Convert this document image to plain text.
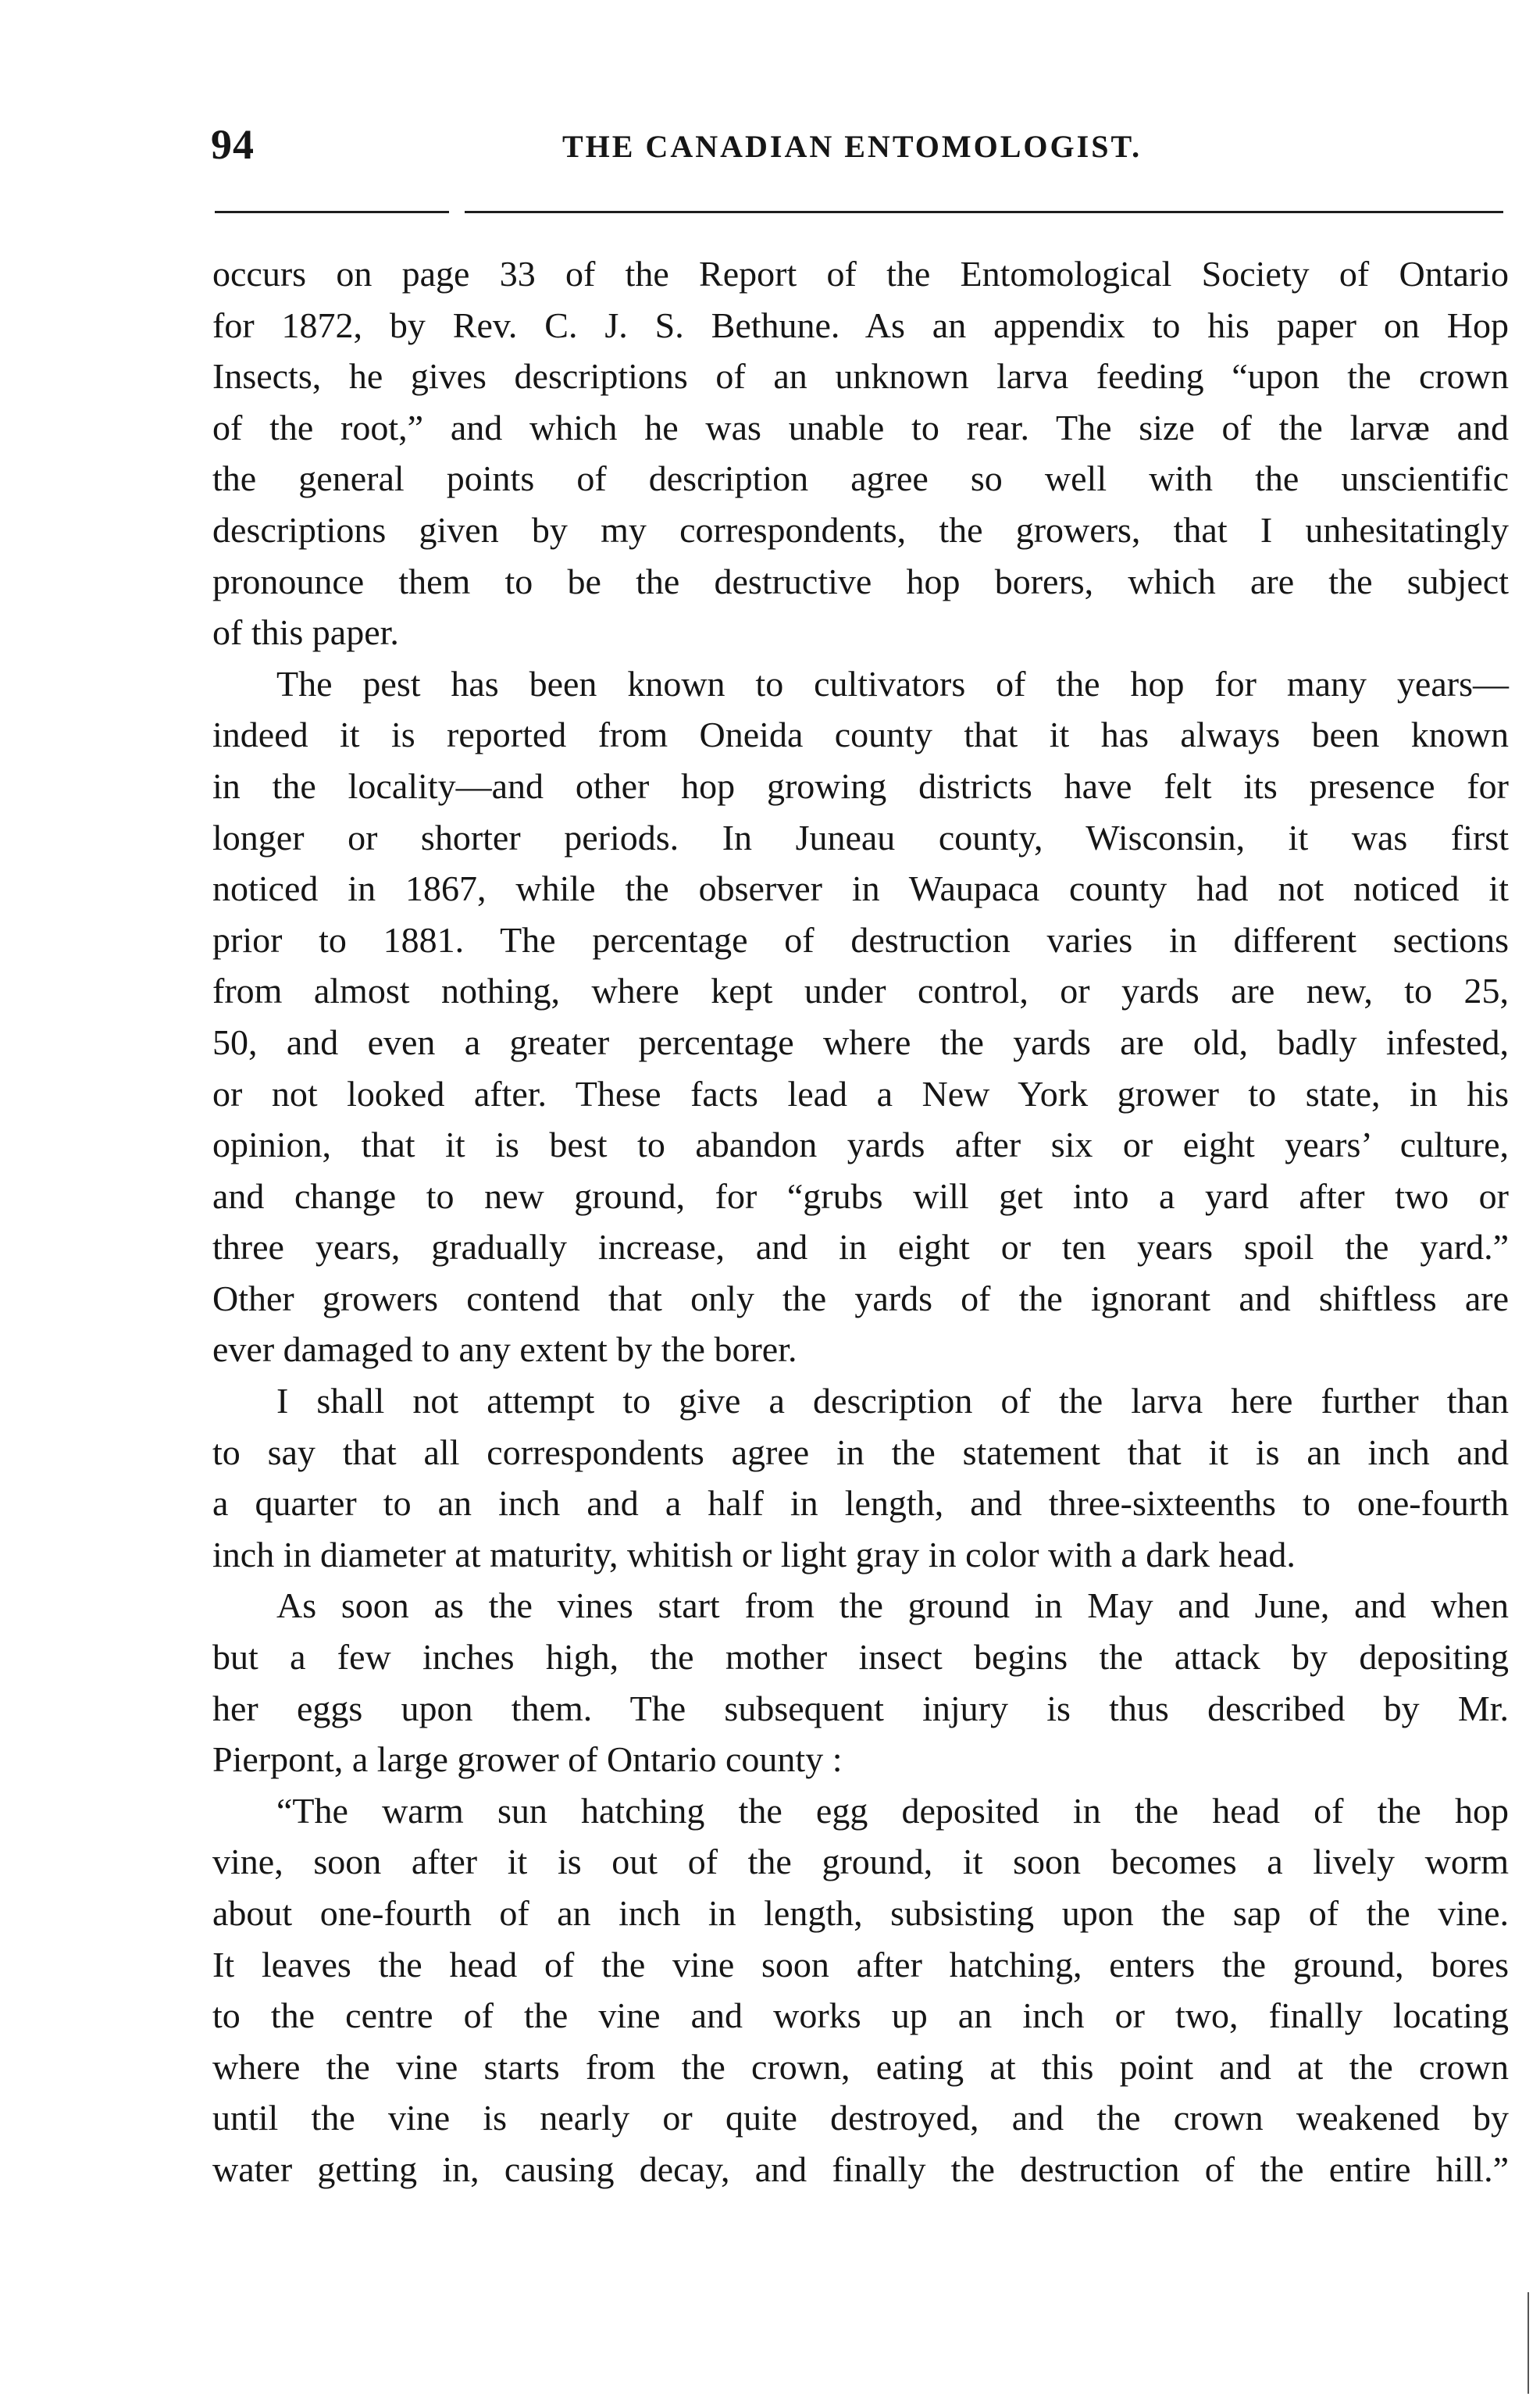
94	THE CANADIAN ENTOMOLOGIST.
occurs on page 33 of the Report of the Entomological Society of Ontario
for 1872, by Rev. C. J. S. Bethune. As an appendix to his paper on Hop
Insects, he gives descriptions of an unknown larva feeding “upon the crown
of the root,” and which he was unable to rear. The size of the larvæ and
the general points of description agree so well with the unscientific
descriptions given by my correspondents, the growers, that I unhesitatingly
pronounce them to be the destructive hop borers, which are the subject
of this paper.
The pest has been known to cultivators of the hop for many years—
indeed it is reported from Oneida county that it has always been known
in the locality—and other hop growing districts have felt its presence for
longer or shorter periods. In Juneau county, Wisconsin, it was first
noticed in 1867, while the observer in Waupaca county had not noticed it
prior to 1881. The percentage of destruction varies in different sections
from almost nothing, where kept under control, or yards are new, to 25,
50, and even a greater percentage where the yards are old, badly infested,
or not looked after. These facts lead a New York grower to state, in his
opinion, that it is best to abandon yards after six or eight years’ culture,
and change to new ground, for “grubs will get into a yard after two or
three years, gradually increase, and in eight or ten years spoil the yard.”
Other growers contend that only the yards of the ignorant and shiftless are
ever damaged to any extent by the borer.
I shall not attempt to give a description of the larva here further than
to say that all correspondents agree in the statement that it is an inch and
a quarter to an inch and a half in length, and three-sixteenths to one-fourth
inch in diameter at maturity, whitish or light gray in color with a dark head.
As soon as the vines start from the ground in May and June, and when
but a few inches high, the mother insect begins the attack by depositing
her eggs upon them. The subsequent injury is thus described by Mr.
Pierpont, a large grower of Ontario county :
“The warm sun hatching the egg deposited in the head of the hop
vine, soon after it is out of the ground, it soon becomes a lively worm
about one-fourth of an inch in length, subsisting upon the sap of the vine.
It leaves the head of the vine soon after hatching, enters the ground, bores
to the centre of the vine and works up an inch or two, finally locating
where the vine starts from the crown, eating at this point and at the crown
until the vine is nearly or quite destroyed, and the crown weakened by
water getting in, causing decay, and finally the destruction of the entire hill.”
